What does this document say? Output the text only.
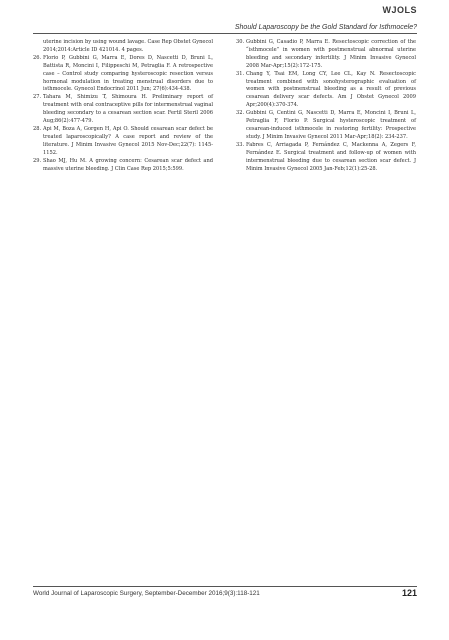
WJOLS
Should Laparoscopy be the Gold Standard for Isthmocele?
uterine incision by using wound lavage. Case Rep Obstet Gynecol 2014;2014:Article ID 421014. 4 pages.
26. Florio P, Gubbini G, Marra E, Dores D, Nascetti D, Bruni L, Battista R, Moncini I, Filippeschi M, Petraglia F. A retrospective case – Control study comparing hysteroscopic resection versus hormonal modulation in treating menstrual disorders due to isthmocele. Gynecol Endocrinol 2011 Jun; 27(6):434-438.
27. Tahara M, Shimizu T, Shimoura H. Preliminary report of treatment with oral contraceptive pills for intermenstrual vaginal bleeding secondary to a cesarean section scar. Fertil Steril 2006 Aug;86(2):477-479.
28. Api M, Boza A, Gorgen H, Api O. Should cesarean scar defect be treated laparoscopically? A case report and review of the literature. J Minim Invasive Gynecol 2015 Nov-Dec;22(7): 1145-1152.
29. Shao MJ, Hu M. A growing concern: Cesarean scar defect and massive uterine bleeding. J Clin Case Rep 2015;5:599.
30. Gubbini G, Casadio P, Marra E. Resectoscopic correction of the “isthmocele” in women with postmenstrual abnormal uterine bleeding and secondary infertility. J Minim Invasive Gynecol 2008 Mar-Apr;15(2):172-175.
31. Chang Y, Tsai EM, Long CY, Lee CL, Kay N. Resectoscopic treatment combined with sonohysterographic evaluation of women with postmenstrual bleeding as a result of previous cesarean delivery scar defects. Am J Obstet Gynecol 2009 Apr;200(4):370-374.
32. Gubbini G, Centini G, Nascetti D, Marra E, Moncini I, Bruni L, Petraglia F, Florio P. Surgical hysteroscopic treatment of cesarean-induced isthmocele in restoring fertility: Prospective study. J Minim Invasive Gynecol 2011 Mar-Apr;18(2): 234-237.
33. Fabres C, Arriagada P, Fernández C, Mackenna A, Zegers F, Fernández E. Surgical treatment and follow-up of women with intermenstrual bleeding due to cesarean section scar defect. J Minim Invasive Gynecol 2005 Jan-Feb;12(1):25-28.
World Journal of Laparoscopic Surgery, September-December 2016;9(3):118-121	121
